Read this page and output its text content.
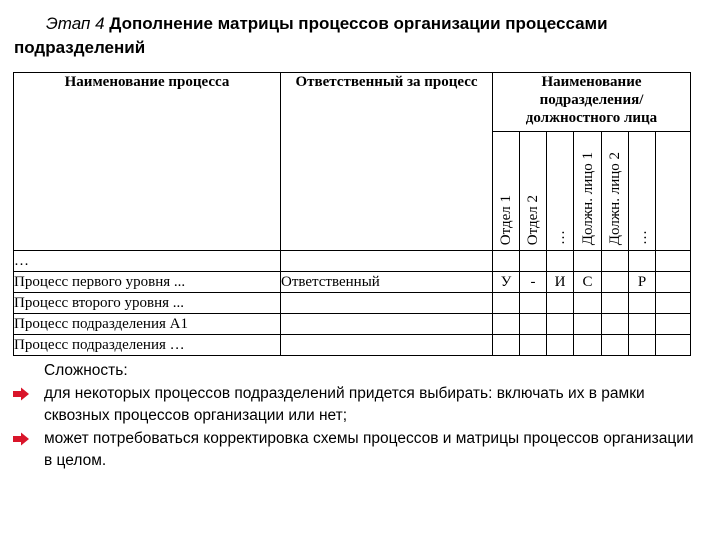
Этап 4 Дополнение матрицы процессов организации процессами подразделений
Наименование процесса	Ответственный за процесс	Наименование подразделения/ должностного лица						
		Отдел 1	Отдел 2	…	Должн. лицо 1	Должн. лицо 2	…	
…								
Процесс первого уровня ...	Ответственный	У	-	И	С		Р	
Процесс второго уровня ...								
Процесс подразделения А1								
Процесс подразделения …								

Сложность:

для некоторых процессов подразделений придется выбирать: включать их в рамки сквозных процессов организации или нет;

может потребоваться корректировка схемы процессов и матрицы процессов организации в целом.
